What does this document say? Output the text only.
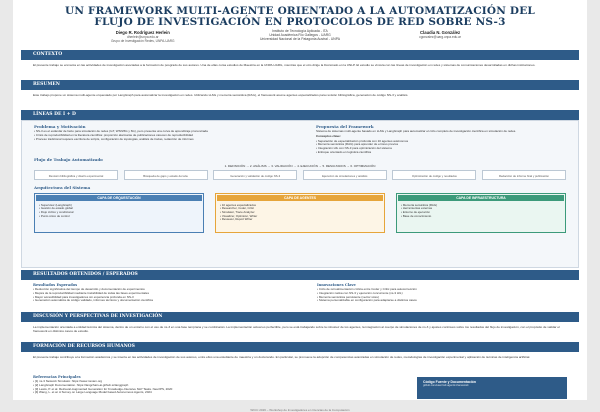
UN FRAMEWORK MULTI-AGENTE ORIENTADO A LA AUTOMATIZACIÓN DEL
FLUJO DE INVESTIGACIÓN EN PROTOCOLOS DE RED SOBRE NS-3
Diego R. Rodríguez Herlein
dherlein@unpa.edu.ar
Grupo de Investigación Redes, UNPA-UARG
Claudia N. González
cgonzalez@uarg.unpa.edu.ar
Instituto de Tecnología Aplicada - ITA
Unidad Académica Río Gallegos - UARG
Universidad Nacional de la Patagonia Austral - UNPA
CONTEXTO
El presente trabajo se enmarca en las actividades de investigación asociadas a la formación de posgrado de sus autores. Una de ellas cursa estudios de Maestría en la UNPA-UARG, mientras que el otro dirige la Doctorado en la UNLP. El estudio se vincula con las líneas de investigación en redes y sistemas de comunicaciones desarrolladas en dichas instituciones.
RESUMEN
Este trabajo propone un sistema multi-agente orquestado por LangGraph para automatizar la investigación en redes. Utilizando LLMs y memoria semántica (RAG), el framework asume agentes especializados para revisión bibliográfica, generación de código NS-3 y análisis.
LÍNEAS DE I + D
Problema y Motivación
• NS-3 es el estándar de facto para simulación de redes (IoT, WSN/6G y 6G), pero presenta una curva de aprendizaje pronunciada
• Crisis de reproducibilidad en la literatura científica: proporción alarmante de publicaciones carecen de reproducibilidad
• Proceso tradicional requiere escritura de scripts, configuración de topologías, análisis de trazas, redacción de informes
Propuesta del Framework
Sistema de sistemas multi-agente basado en LLMs y LangGraph para automatizar el ciclo completo de investigación científica en simulación de redes.
Conceptos clave:
• Separación de especialización profunda con 10 agentes autónomos
• Memoria semántica (RAG) para aprender de errores previos
• Integración HIL con NS-3 para optimización del sistema
• Enfoque orientado en logística científica
Flujo de Trabajo Automatizado
1. DEFINICIÓN → 2. ANÁLISIS → 3. VALIDACIÓN → 4. EJECUCIÓN → 5. RESULTADOS → 6. OPTIMIZACIÓN
Revisión bibliográfica y diseño experimental	Búsqueda de gaps y estado del arte	Generación y validación de código NS-3	Ejecución de simulaciones y análisis	Optimización de código y resultados	Redacción de informe final y publicación
Arquitectura del Sistema
CAPA DE ORQUESTACIÓN
• Supervisor (LangGraph)
• Gestión de estado global
• Flujo cíclico y condicional
• Punto único de control
CAPA DE AGENTES
• 10 agentes especializados
• Researcher, Coder, Critic
• Simulator, Trace Analyzer
• Visualizer, Optimizer, Writer
• Reviewer, Report Writer
CAPA DE INFRAESTRUCTURA
• Memoria semántica (RAG)
• Herramientas externas
• Entorno de ejecución
• Base de conocimiento
RESULTADOS OBTENIDOS / ESPERADOS
Resultados Esperados
• Reducción significativa del tiempo de desarrollo y documentación de experimentos
• Mejora de la reproducibilidad mediante trazabilidad de todas las fases experimentales
• Mayor accesibilidad para investigadores sin experiencia profunda en NS-3
• Generación automática de código validado, informes técnicos y documentación científica
Innovaciones Clave
• Ciclo de retroalimentación cíclica entre Coder y Critic para autocorrección
• Integración nativa con NS-3 y ejecución concurrente (ns-3 HIL)
• Memoria semántica persistente (vector store)
• Sistema personalizable en configuración para adaptarse a distintos casos
DISCUSIÓN Y PERSPECTIVAS DE INVESTIGACIÓN
La implementación orientada a entidad técnica del sistema, dentro de un entorno con el uso de ns-3 en una fase temprana y se combinarán. La implementación actual es perfectible, pero se está trabajando sobre la robustez de los agentes, la integración al cuerpo de simulaciones de ns-3 y ajustes continuos sobre los resultados del flujo de investigación, con el propósito de validar el framework en distintos casos de estudio.
FORMACIÓN DE RECURSOS HUMANOS
El presente trabajo contribuye a la formación académica y se inserta en las actividades de investigación de sus autores, entre ellos una estudiante de maestría y un doctorando. En particular, se promueve la adopción de competencias avanzadas en simulación de redes, metodologías de investigación experimental y aplicación de técnicas de inteligencia artificial.
Referencias Principales
• [1] ns-3 Network Simulator. https://www.nsnam.org
• [2] LangGraph Documentation. https://langchain-ai.github.io/langgraph
• [3] Lewis, P. et al. Retrieval-Augmented Generation for Knowledge-Intensive NLP Tasks. NeurIPS, 2020
• [4] Wang, L. et al. A Survey on Large Language Model based Autonomous Agents, 2024
Código Fuente y Documentación
github.com/user/ns3-agentic-framework
WICC 2026 – Workshop de Investigadores en Ciencias de la Computación
